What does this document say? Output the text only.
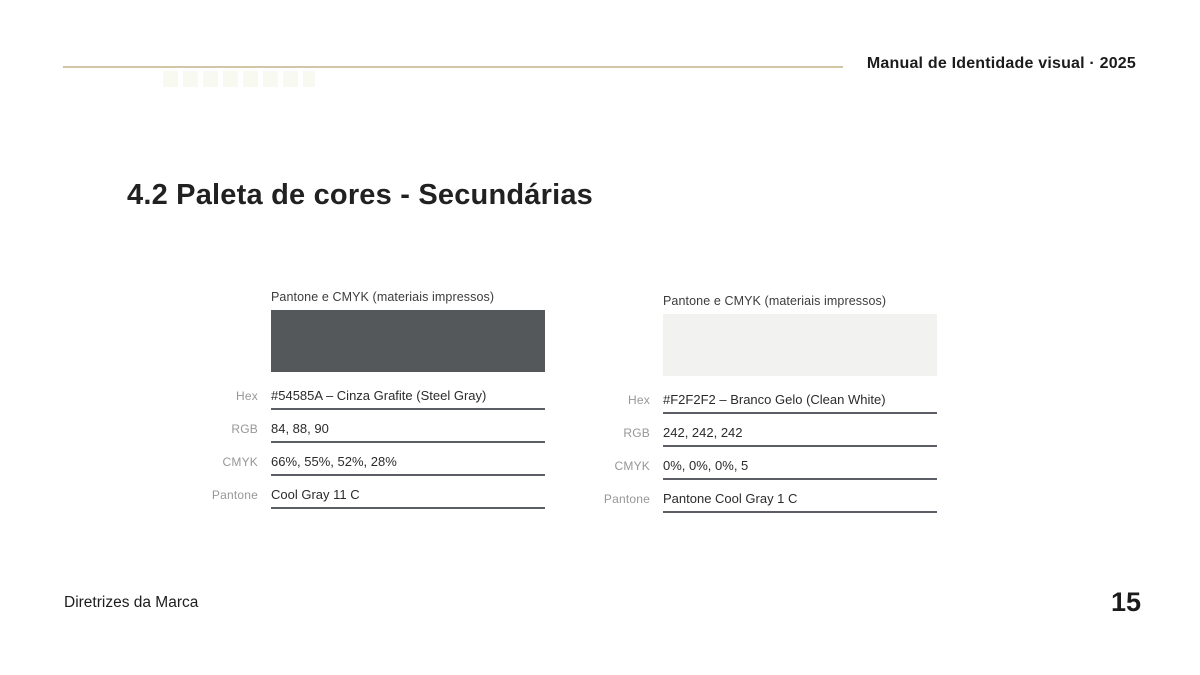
Manual de Identidade visual · 2025
4.2 Paleta de cores - Secundárias
Pantone e CMYK (materiais impressos)
Hex #54585A – Cinza Grafite (Steel Gray)
RGB 84, 88, 90
CMYK 66%, 55%, 52%, 28%
Pantone Cool Gray 11 C
Pantone e CMYK (materiais impressos)
Hex #F2F2F2 – Branco Gelo (Clean White)
RGB 242, 242, 242
CMYK 0%, 0%, 0%, 5
Pantone Pantone Cool Gray 1 C
Diretrizes da Marca	15
